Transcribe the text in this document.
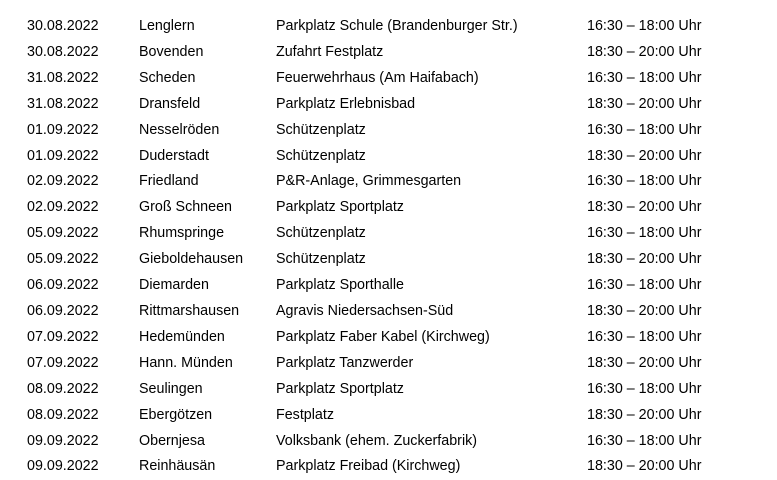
30.08.2022	Lenglern	Parkplatz Schule (Brandenburger Str.)	16:30 – 18:00 Uhr
30.08.2022	Bovenden	Zufahrt Festplatz	18:30 – 20:00 Uhr
31.08.2022	Scheden	Feuerwehrhaus (Am Haifabach)	16:30 – 18:00 Uhr
31.08.2022	Dransfeld	Parkplatz Erlebnisbad	18:30 – 20:00 Uhr
01.09.2022	Nesselröden	Schützenplatz	16:30 – 18:00 Uhr
01.09.2022	Duderstadt	Schützenplatz	18:30 – 20:00 Uhr
02.09.2022	Friedland	P&R-Anlage, Grimmesgarten	16:30 – 18:00 Uhr
02.09.2022	Groß Schneen	Parkplatz Sportplatz	18:30 – 20:00 Uhr
05.09.2022	Rhumspringe	Schützenplatz	16:30 – 18:00 Uhr
05.09.2022	Gieboldehausen	Schützenplatz	18:30 – 20:00 Uhr
06.09.2022	Diemarden	Parkplatz Sporthalle	16:30 – 18:00 Uhr
06.09.2022	Rittmarshausen	Agravis Niedersachsen-Süd	18:30 – 20:00 Uhr
07.09.2022	Hedemünden	Parkplatz Faber Kabel (Kirchweg)	16:30 – 18:00 Uhr
07.09.2022	Hann. Münden	Parkplatz Tanzwerder	18:30 – 20:00 Uhr
08.09.2022	Seulingen	Parkplatz Sportplatz	16:30 – 18:00 Uhr
08.09.2022	Ebergötzen	Festplatz	18:30 – 20:00 Uhr
09.09.2022	Obernjesa	Volksbank (ehem. Zuckerfabrik)	16:30 – 18:00 Uhr

09.09.2022	Reinhäusän	Parkplatz Freibad (Kirchweg)	18:30 – 20:00 Uhr
